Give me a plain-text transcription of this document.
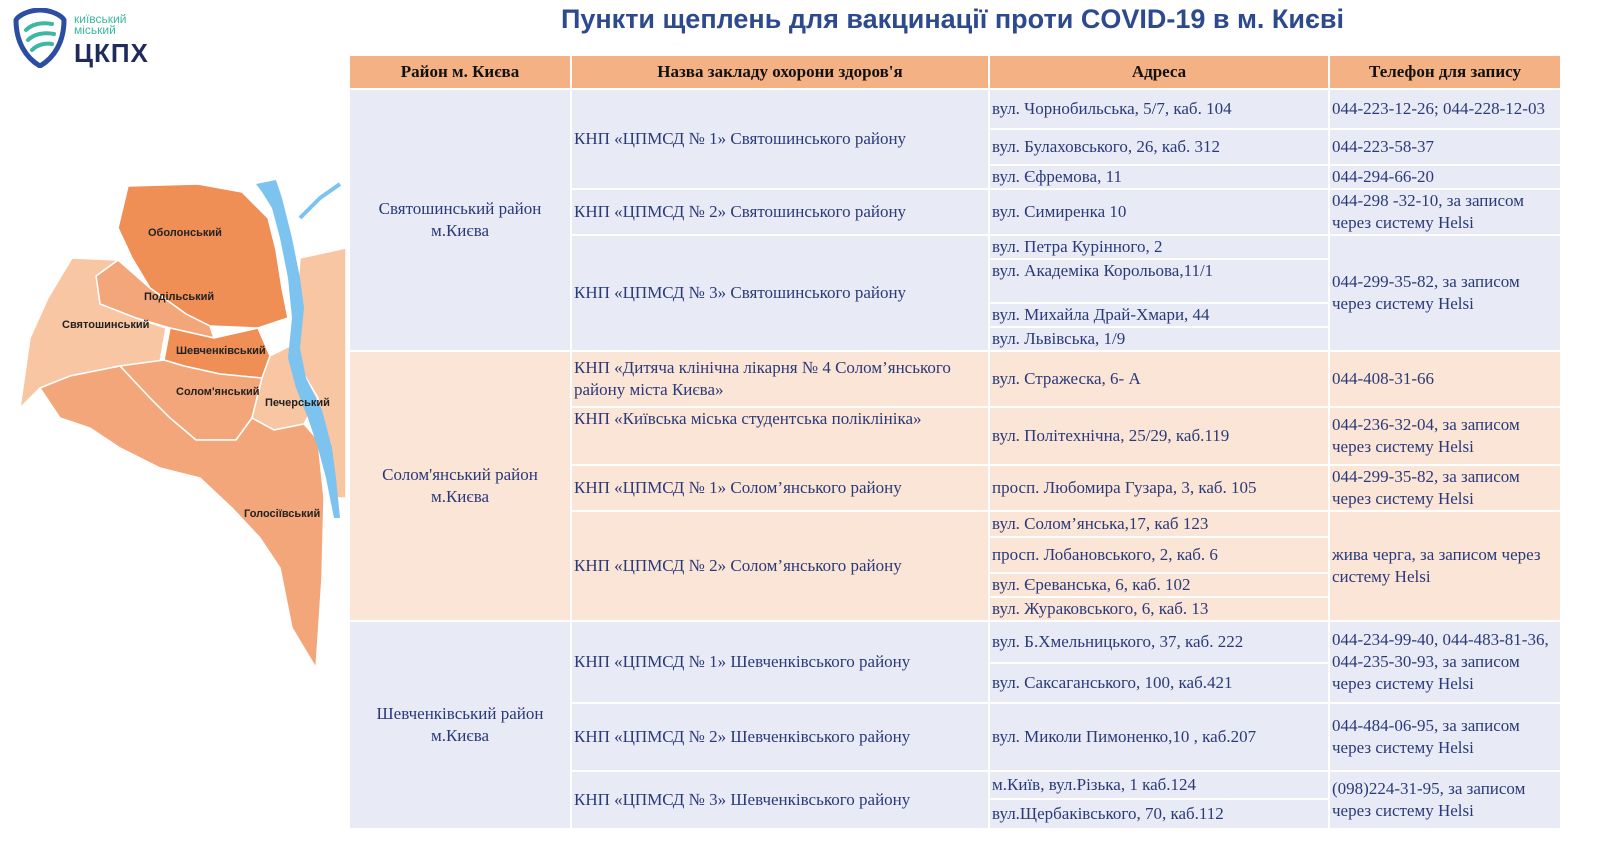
київський
міський
ЦКПХ
Пункти щеплень для вакцинації проти COVID-19 в м. Києві
Оболонський
Подільський
Святошинський
Шевченківський
Солом'янський
Печерський
Голосіївський
Район м. Києва	Назва закладу охорони здоров'я	Адреса	Телефон для запису
Святошинський район м.Києва	КНП «ЦПМСД № 1» Святошинського району	вул. Чорнобильська, 5/7, каб. 104	044-223-12-26; 044-228-12-03
		вул. Булаховського, 26, каб. 312	044-223-58-37
		вул. Єфремова, 11	044-294-66-20
	КНП «ЦПМСД № 2» Святошинського району	вул. Симиренка 10	044-298 -32-10, за записом через систему Helsi
	КНП «ЦПМСД № 3» Святошинського району	вул. Петра Курінного, 2	044-299-35-82, за записом через систему Helsi
		вул. Академіка Корольова,11/1	
		вул. Михайла Драй-Хмари, 44	
		вул. Львівська, 1/9	

Солом'янський район м.Києва	КНП «Дитяча клінічна лікарня № 4 Солом’янського району міста Києва»	вул. Стражеска, 6- А	044-408-31-66
	КНП «Київська міська студентська поліклініка»	вул. Політехнічна, 25/29, каб.119	044-236-32-04, за записом через систему Helsi
	КНП «ЦПМСД № 1» Солом’янського району	просп. Любомира Гузара, 3, каб. 105	044-299-35-82, за записом через систему Helsi
	КНП «ЦПМСД № 2» Солом’янського району	вул. Солом’янська,17, каб 123	жива черга, за записом через систему Helsi
		просп. Лобановського, 2, каб. 6	
		вул. Єреванська, 6, каб. 102	
		вул. Жураковського, 6, каб. 13	
Шевченківський район м.Києва	КНП «ЦПМСД № 1» Шевченківського району	вул. Б.Хмельницького, 37, каб. 222	044-234-99-40, 044-483-81-36, 044-235-30-93, за записом через систему Helsi
		вул. Саксаганського, 100, каб.421	
	КНП «ЦПМСД № 2» Шевченківського району	вул. Миколи Пимоненко,10 , каб.207	044-484-06-95, за записом через систему Helsi
	КНП «ЦПМСД № 3» Шевченківського району	м.Київ, вул.Різька, 1 каб.124	(098)224-31-95, за записом через систему Helsi
		вул.Щербаківського, 70, каб.112	
